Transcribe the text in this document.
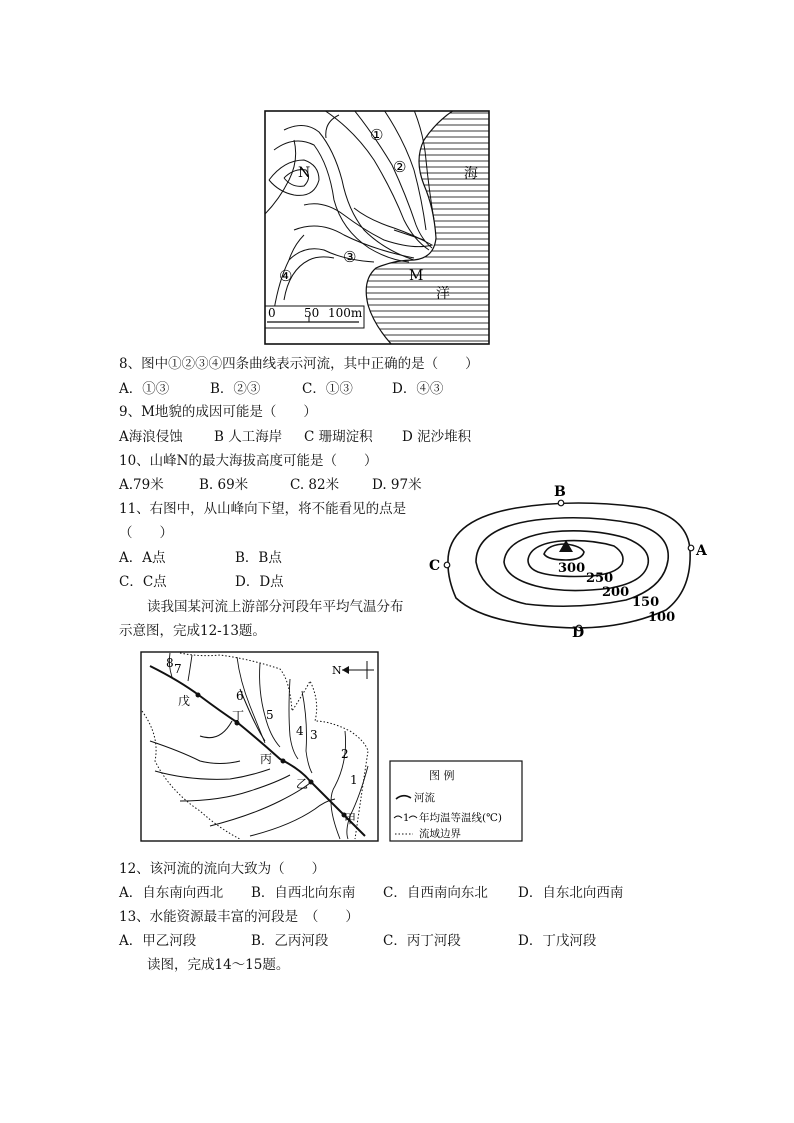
①
②
③
④
N
M
海
洋
0 50 100m
8、图中①②③④四条曲线表示河流，其中正确的是（　　）
A．①③	B．②③	C．①③	D．④③
9、M地貌的成因可能是（　　）
A海浪侵蚀 B 人工海岸 C 珊瑚淀积 D 泥沙堆积
10、山峰N的最大海拔高度可能是（　　）
A.79米	B. 69米	C. 82米 D. 97米
11、右图中，从山峰向下望，将不能看见的点是
（　　）
A．A点	B．B点
C．C点	D．D点
A
B
C
D
300
250
200
150
100
读我国某河流上游部分河段年平均气温分布
示意图，完成12-13题。
N
8 7
6
5
4 3
2
1
戊
丁
丙
乙
甲
图 例
河流
1 年均温等温线(℃)
流域边界
12、该河流的流向大致为（　　）
A．自东南向西北 B．自西北向东南 C．自西南向东北 D．自东北向西南
13、水能资源最丰富的河段是　（　　）
A．甲乙河段	B．乙丙河段	C．丙丁河段	D．丁戊河段
读图，完成14～15题。
